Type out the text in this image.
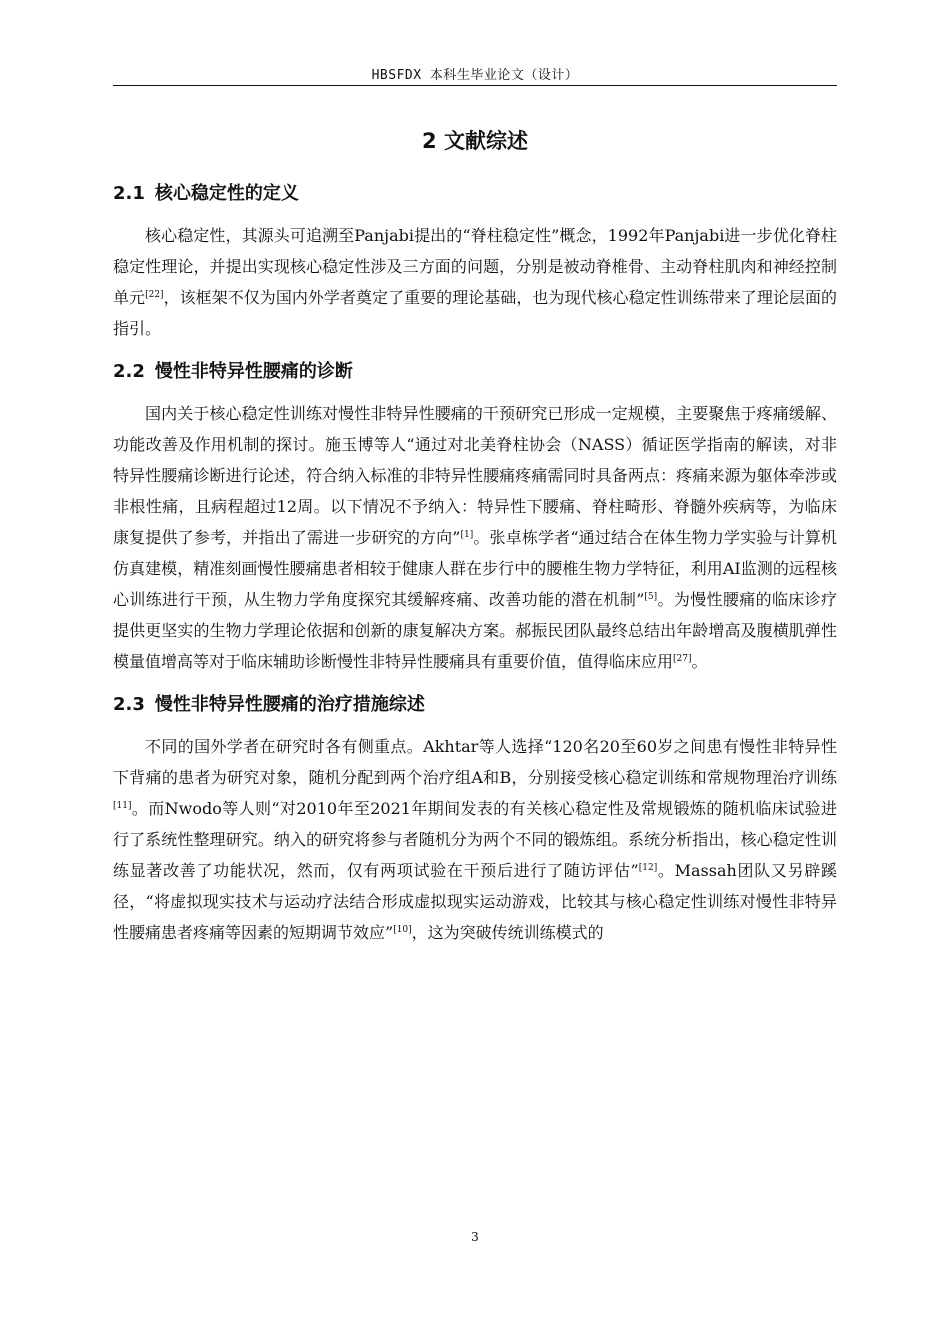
HBSFDX 本科生毕业论文（设计）
2 文献综述
2.1 核心稳定性的定义

核心稳定性，其源头可追溯至Panjabi提出的“脊柱稳定性”概念，1992年Panjabi进一步优化脊柱稳定性理论，并提出实现核心稳定性涉及三方面的问题，分别是被动脊椎骨、主动脊柱肌肉和神经控制单元[22]，该框架不仅为国内外学者奠定了重要的理论基础，也为现代核心稳定性训练带来了理论层面的指引。

2.2 慢性非特异性腰痛的诊断

国内关于核心稳定性训练对慢性非特异性腰痛的干预研究已形成一定规模，主要聚焦于疼痛缓解、功能改善及作用机制的探讨。施玉博等人“通过对北美脊柱协会（NASS）循证医学指南的解读，对非特异性腰痛诊断进行论述，符合纳入标准的非特异性腰痛疼痛需同时具备两点：疼痛来源为躯体牵涉或非根性痛，且病程超过12周。以下情况不予纳入：特异性下腰痛、脊柱畸形、脊髓外疾病等，为临床康复提供了参考，并指出了需进一步研究的方向”[1]。张卓栋学者“通过结合在体生物力学实验与计算机仿真建模，精准刻画慢性腰痛患者相较于健康人群在步行中的腰椎生物力学特征，利用AI监测的远程核心训练进行干预，从生物力学角度探究其缓解疼痛、改善功能的潜在机制”[5]。为慢性腰痛的临床诊疗提供更坚实的生物力学理论依据和创新的康复解决方案。郝振民团队最终总结出年龄增高及腹横肌弹性模量值增高等对于临床辅助诊断慢性非特异性腰痛具有重要价值，值得临床应用[27]。

2.3 慢性非特异性腰痛的治疗措施综述

不同的国外学者在研究时各有侧重点。Akhtar等人选择“120名20至60岁之间患有慢性非特异性下背痛的患者为研究对象，随机分配到两个治疗组A和B，分别接受核心稳定训练和常规物理治疗训练[11]。而Nwodo等人则“对2010年至2021年期间发表的有关核心稳定性及常规锻炼的随机临床试验进行了系统性整理研究。纳入的研究将参与者随机分为两个不同的锻炼组。系统分析指出，核心稳定性训练显著改善了功能状况，然而，仅有两项试验在干预后进行了随访评估”[12]。Massah团队又另辟蹊径，“将虚拟现实技术与运动疗法结合形成虚拟现实运动游戏，比较其与核心稳定性训练对慢性非特异性腰痛患者疼痛等因素的短期调节效应”[10]，这为突破传统训练模式的

3
